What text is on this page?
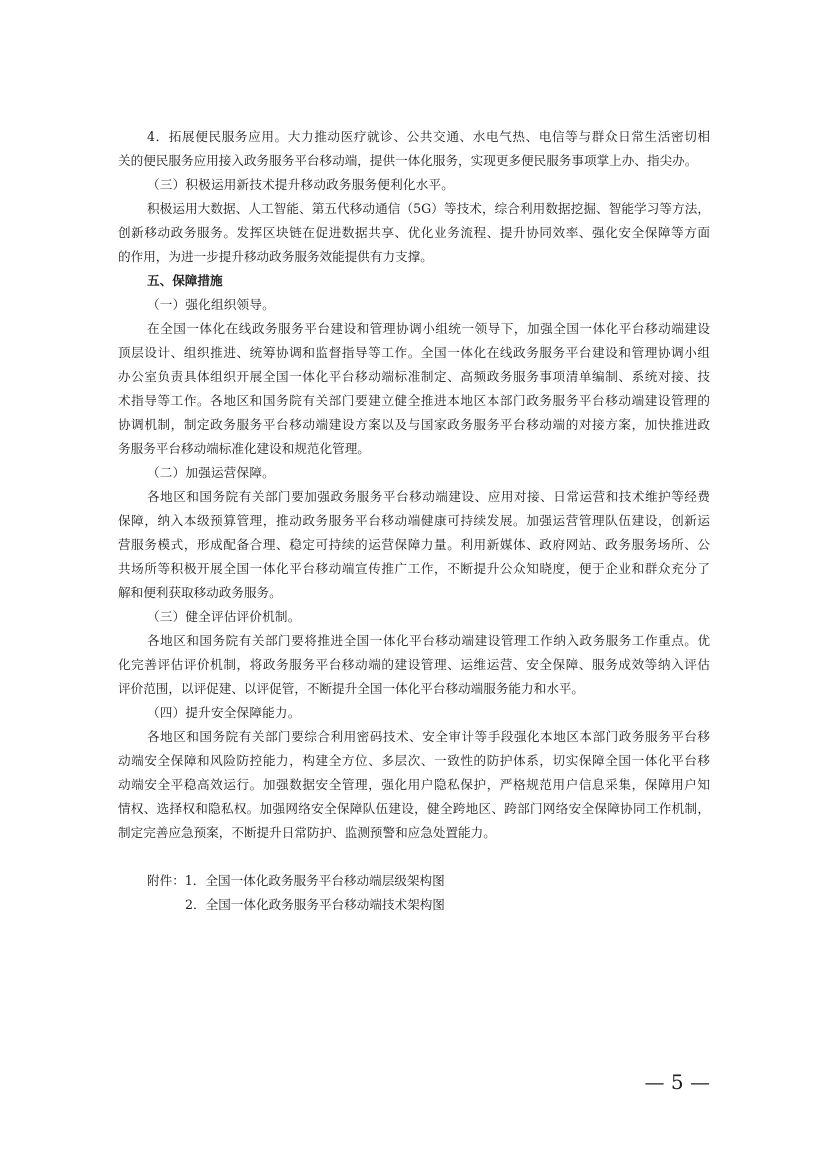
4．拓展便民服务应用。大力推动医疗就诊、公共交通、水电气热、电信等与群众日常生活密切相
关的便民服务应用接入政务服务平台移动端，提供一体化服务，实现更多便民服务事项掌上办、指尖办。
（三）积极运用新技术提升移动政务服务便利化水平。
积极运用大数据、人工智能、第五代移动通信（5G）等技术，综合利用数据挖掘、智能学习等方法，
创新移动政务服务。发挥区块链在促进数据共享、优化业务流程、提升协同效率、强化安全保障等方面
的作用，为进一步提升移动政务服务效能提供有力支撑。
五、保障措施
（一）强化组织领导。
在全国一体化在线政务服务平台建设和管理协调小组统一领导下，加强全国一体化平台移动端建设
顶层设计、组织推进、统筹协调和监督指导等工作。全国一体化在线政务服务平台建设和管理协调小组
办公室负责具体组织开展全国一体化平台移动端标准制定、高频政务服务事项清单编制、系统对接、技
术指导等工作。各地区和国务院有关部门要建立健全推进本地区本部门政务服务平台移动端建设管理的
协调机制，制定政务服务平台移动端建设方案以及与国家政务服务平台移动端的对接方案，加快推进政
务服务平台移动端标准化建设和规范化管理。
（二）加强运营保障。
各地区和国务院有关部门要加强政务服务平台移动端建设、应用对接、日常运营和技术维护等经费
保障，纳入本级预算管理，推动政务服务平台移动端健康可持续发展。加强运营管理队伍建设，创新运
营服务模式，形成配备合理、稳定可持续的运营保障力量。利用新媒体、政府网站、政务服务场所、公
共场所等积极开展全国一体化平台移动端宣传推广工作，不断提升公众知晓度，便于企业和群众充分了
解和便利获取移动政务服务。
（三）健全评估评价机制。
各地区和国务院有关部门要将推进全国一体化平台移动端建设管理工作纳入政务服务工作重点。优
化完善评估评价机制，将政务服务平台移动端的建设管理、运维运营、安全保障、服务成效等纳入评估
评价范围，以评促建、以评促管，不断提升全国一体化平台移动端服务能力和水平。
（四）提升安全保障能力。
各地区和国务院有关部门要综合利用密码技术、安全审计等手段强化本地区本部门政务服务平台移
动端安全保障和风险防控能力，构建全方位、多层次、一致性的防护体系，切实保障全国一体化平台移
动端安全平稳高效运行。加强数据安全管理，强化用户隐私保护，严格规范用户信息采集，保障用户知
情权、选择权和隐私权。加强网络安全保障队伍建设，健全跨地区、跨部门网络安全保障协同工作机制，
制定完善应急预案，不断提升日常防护、监测预警和应急处置能力。
附件：1．全国一体化政务服务平台移动端层级架构图
2．全国一体化政务服务平台移动端技术架构图
— 5 —
